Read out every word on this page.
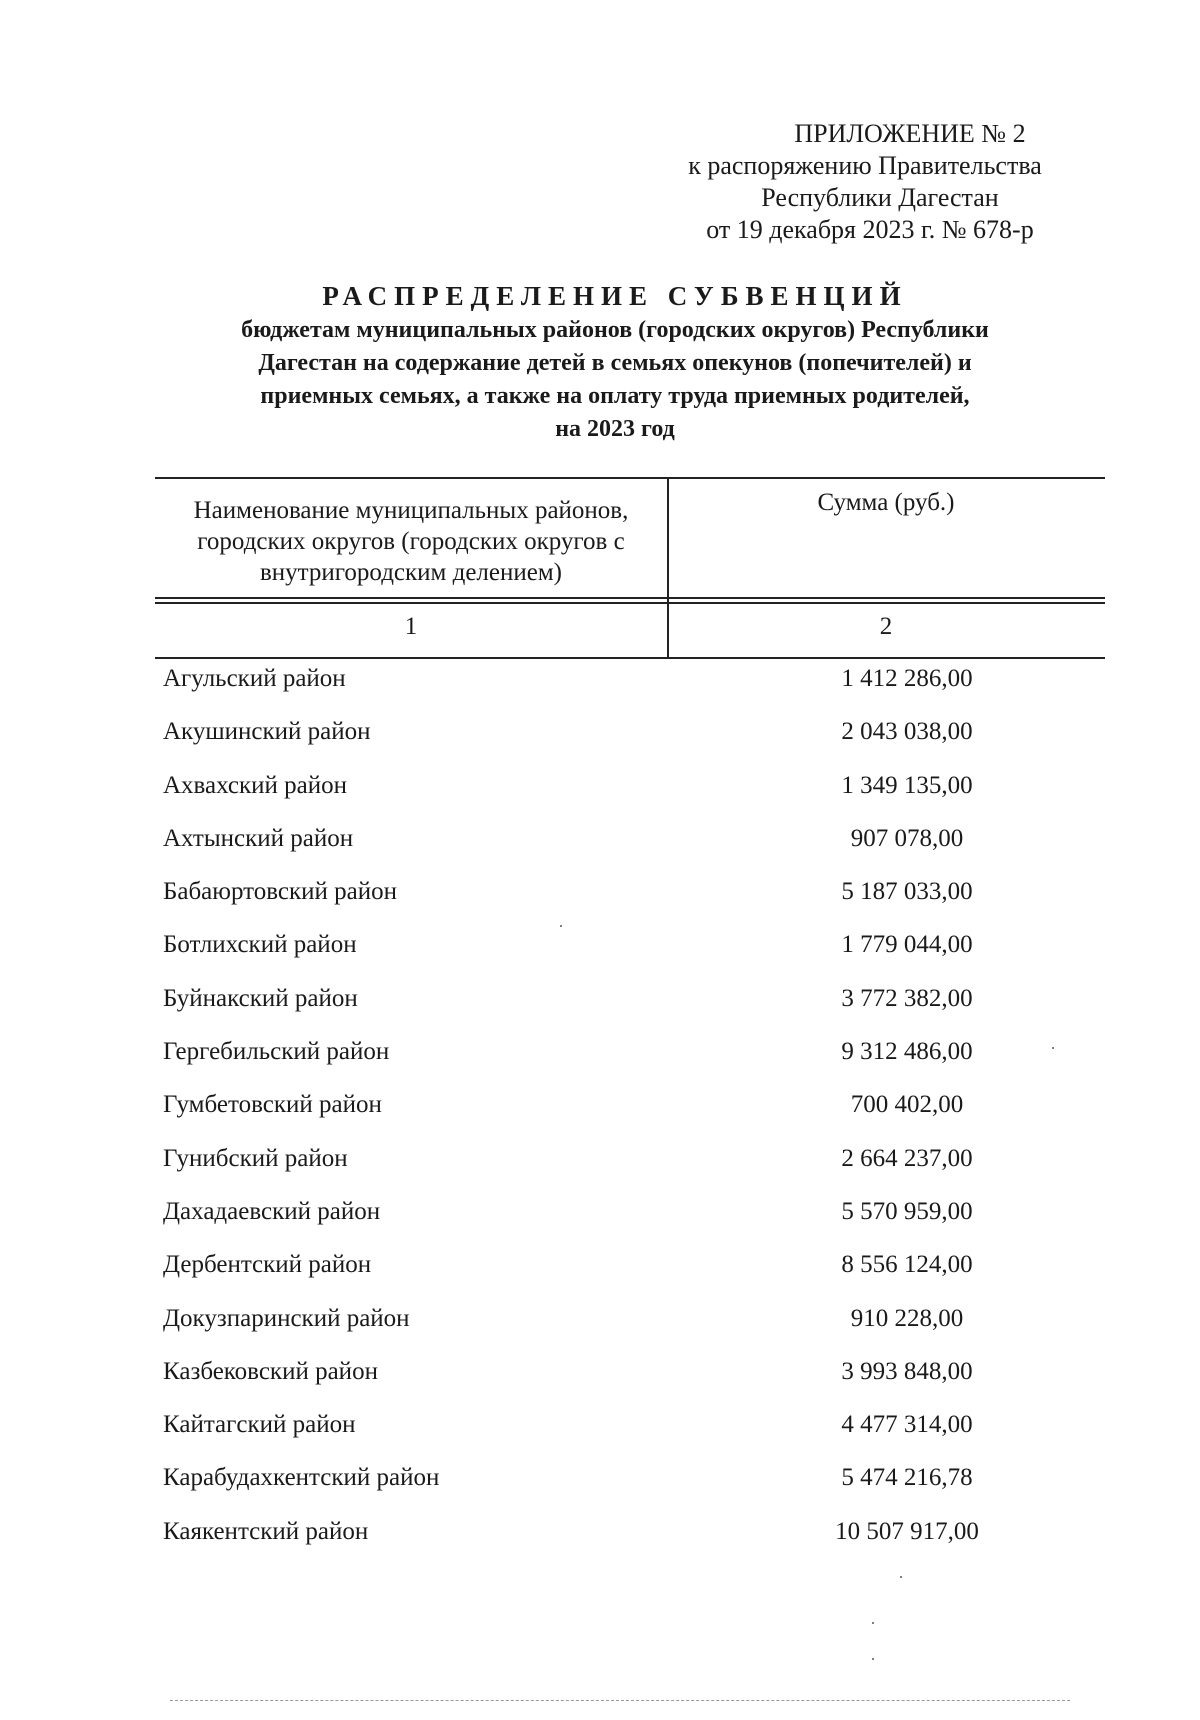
ПРИЛОЖЕНИЕ № 2
к распоряжению Правительства
Республики Дагестан
от 19 декабря 2023 г. № 678-р
РАСПРЕДЕЛЕНИЕ СУБВЕНЦИЙ
бюджетам муниципальных районов (городских округов) Республики
Дагестан на содержание детей в семьях опекунов (попечителей) и
приемных семьях, а также на оплату труда приемных родителей,
на 2023 год
Наименование муниципальных районов,
городских округов (городских округов с
внутригородским делением)
Сумма (руб.)
1	2
Агульский район	1 412 286,00
Акушинский район	2 043 038,00
Ахвахский район	1 349 135,00
Ахтынский район	907 078,00
Бабаюртовский район	5 187 033,00
Ботлихский район	1 779 044,00
Буйнакский район	3 772 382,00
Гергебильский район	9 312 486,00
Гумбетовский район	700 402,00
Гунибский район	2 664 237,00
Дахадаевский район	5 570 959,00
Дербентский район	8 556 124,00
Докузпаринский район	910 228,00
Казбековский район	3 993 848,00
Кайтагский район	4 477 314,00
Карабудахкентский район	5 474 216,78
Каякентский район	10 507 917,00
